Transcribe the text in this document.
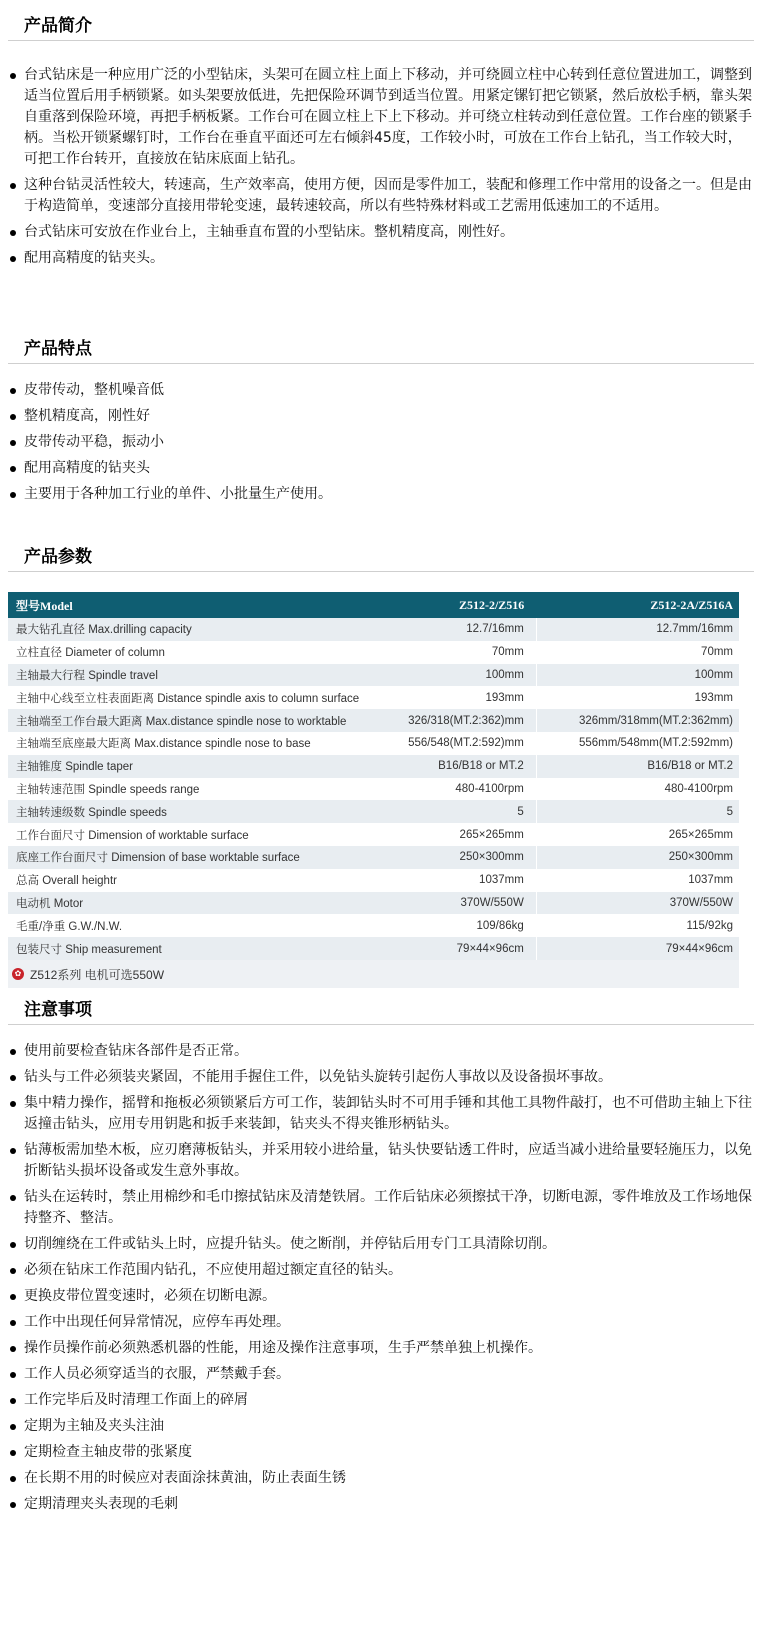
产品简介
台式钻床是一种应用广泛的小型钻床，头架可在圆立柱上面上下移动，并可绕圆立柱中心转到任意位置进加工，调整到适当位置后用手柄锁紧。如头架要放低进，先把保险环调节到适当位置。用紧定镙钉把它锁紧，然后放松手柄，靠头架自重落到保险环境，再把手柄板紧。工作台可在圆立柱上下上下移动。并可绕立柱转动到任意位置。工作台座的锁紧手柄。当松开锁紧螺钉时，工作台在垂直平面还可左右倾斜45度，工作较小时，可放在工作台上钻孔，当工作较大时，可把工作台转开，直接放在钻床底面上钻孔。
这种台钻灵活性较大，转速高，生产效率高，使用方便，因而是零件加工，装配和修理工作中常用的设备之一。但是由于构造简单，变速部分直接用带轮变速，最转速较高，所以有些特殊材料或工艺需用低速加工的不适用。
台式钻床可安放在作业台上，主轴垂直布置的小型钻床。整机精度高，刚性好。
配用高精度的钻夹头。
产品特点
皮带传动，整机噪音低
整机精度高，刚性好
皮带传动平稳，振动小
配用高精度的钻夹头
主要用于各种加工行业的单件、小批量生产使用。
产品参数
型号Model	Z512-2/Z516	Z512-2A/Z516A
最大钻孔直径 Max.drilling capacity	12.7/16mm	12.7mm/16mm
立柱直径 Diameter of column	70mm	70mm
主轴最大行程 Spindle travel	100mm	100mm
主轴中心线至立柱表面距离 Distance spindle axis to column surface	193mm	193mm
主轴端至工作台最大距离 Max.distance spindle nose to worktable	326/318(MT.2:362)mm	326mm/318mm(MT.2:362mm)
主轴端至底座最大距离 Max.distance spindle nose to base	556/548(MT.2:592)mm	556mm/548mm(MT.2:592mm)
主轴锥度 Spindle taper	B16/B18 or MT.2	B16/B18 or MT.2
主轴转速范围 Spindle speeds range	480-4100rpm	480-4100rpm
主轴转速级数 Spindle speeds	5	5
工作台面尺寸 Dimension of worktable surface	265×265mm	265×265mm
底座工作台面尺寸 Dimension of base worktable surface	250×300mm	250×300mm
总高 Overall heightr	1037mm	1037mm
电动机 Motor	370W/550W	370W/550W
毛重/净重 G.W./N.W.	109/86kg	115/92kg
包装尺寸 Ship measurement	79×44×96cm	79×44×96cm
✿ Z512系列 电机可选550W
注意事项
使用前要检查钻床各部件是否正常。
钻头与工件必须装夹紧固，不能用手握住工件，以免钻头旋转引起伤人事故以及设备损坏事故。
集中精力操作，摇臂和拖板必须锁紧后方可工作，装卸钻头时不可用手锤和其他工具物件敲打，也不可借助主轴上下往返撞击钻头，应用专用钥匙和扳手来装卸，钻夹头不得夹锥形柄钻头。
钻薄板需加垫木板，应刃磨薄板钻头，并采用较小进给量，钻头快要钻透工件时，应适当减小进给量要轻施压力，以免折断钻头损坏设备或发生意外事故。
钻头在运转时，禁止用棉纱和毛巾擦拭钻床及清楚铁屑。工作后钻床必须擦拭干净，切断电源，零件堆放及工作场地保持整齐、整洁。
切削缠绕在工件或钻头上时，应提升钻头。使之断削，并停钻后用专门工具清除切削。
必须在钻床工作范围内钻孔，不应使用超过额定直径的钻头。
更换皮带位置变速时，必须在切断电源。
工作中出现任何异常情况，应停车再处理。
操作员操作前必须熟悉机器的性能，用途及操作注意事项，生手严禁单独上机操作。
工作人员必须穿适当的衣服，严禁戴手套。
工作完毕后及时清理工作面上的碎屑
定期为主轴及夹头注油
定期检查主轴皮带的张紧度
在长期不用的时候应对表面涂抹黄油，防止表面生锈
定期清理夹头表现的毛刺
